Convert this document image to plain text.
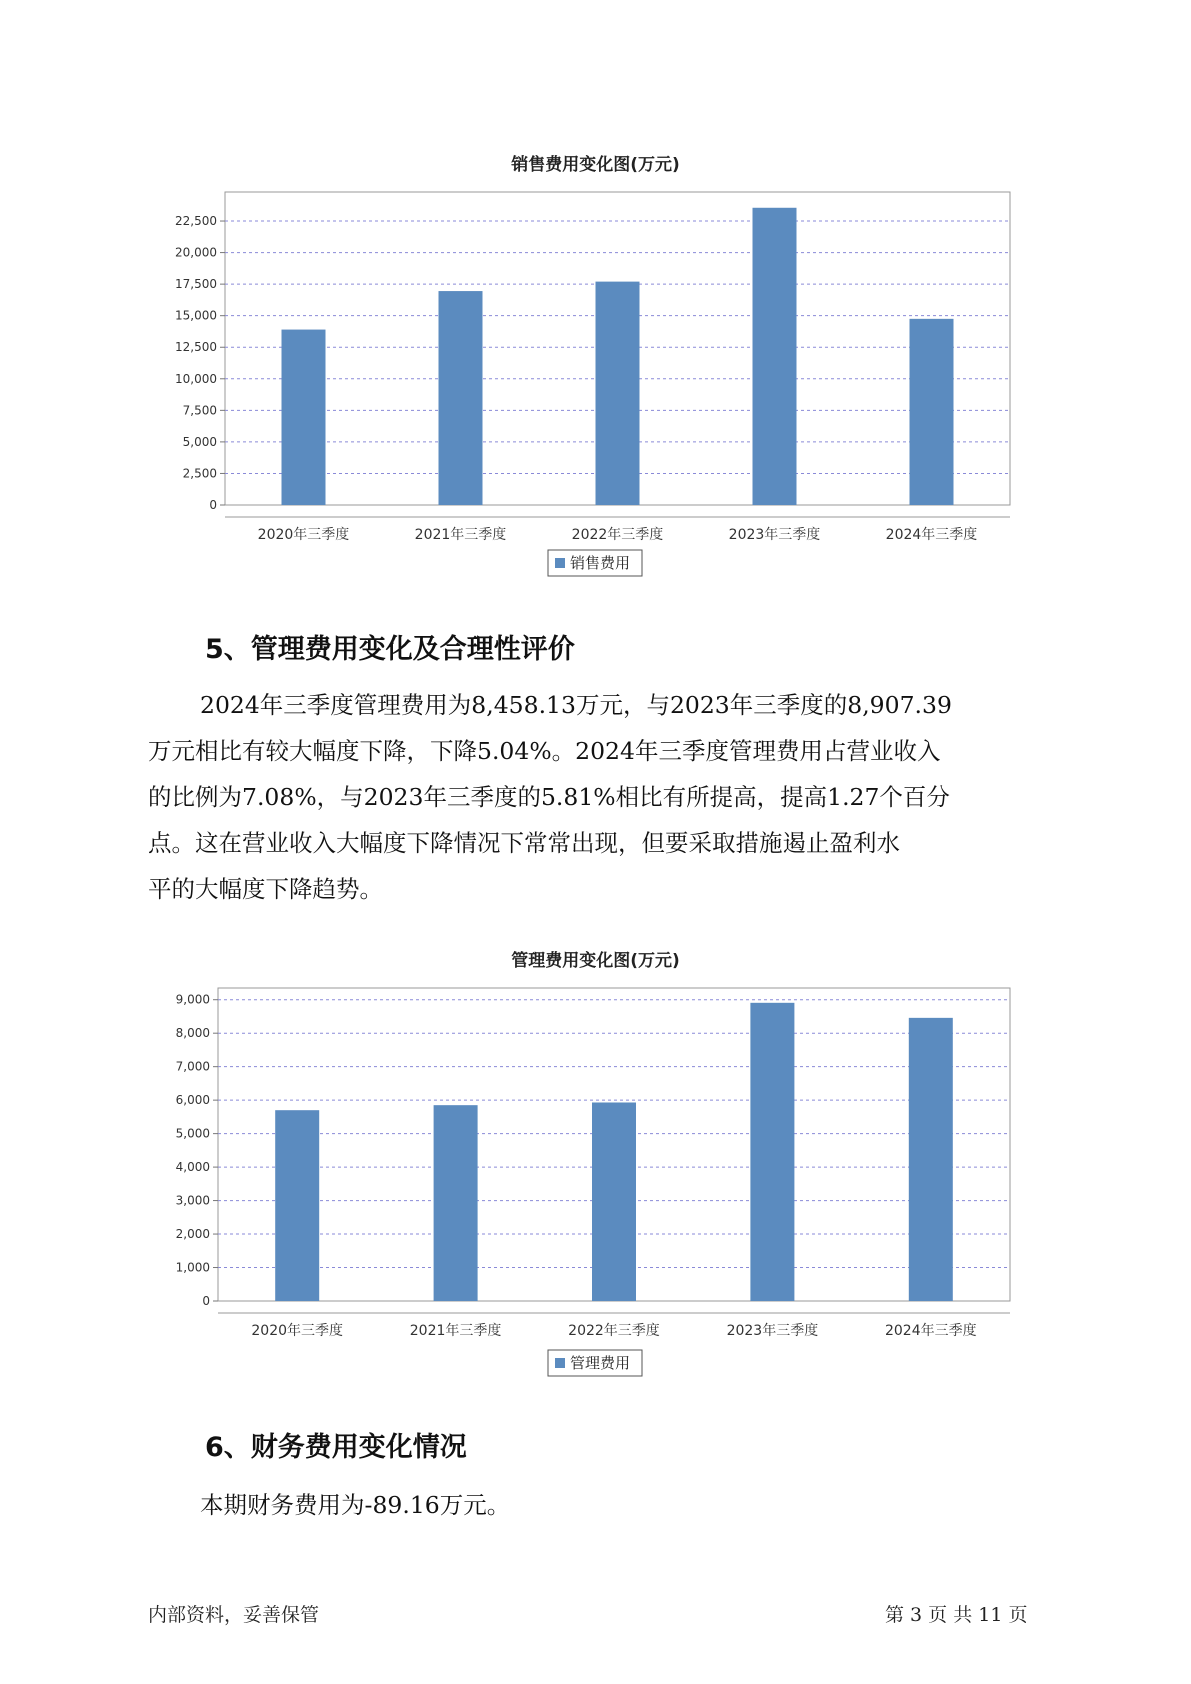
销售费用变化图(万元)
0
2,500
5,000
7,500
10,000
12,500
15,000
17,500
20,000
22,500
2020年三季度	2021年三季度	2022年三季度	2023年三季度	2024年三季度
销售费用
5、管理费用变化及合理性评价
2024年三季度管理费用为8,458.13万元，与2023年三季度的8,907.39
万元相比有较大幅度下降，下降5.04%。2024年三季度管理费用占营业收入
的比例为7.08%，与2023年三季度的5.81%相比有所提高，提高1.27个百分
点。这在营业收入大幅度下降情况下常常出现，但要采取措施遏止盈利水
平的大幅度下降趋势。
管理费用变化图(万元)
0
1,000
2,000
3,000
4,000
5,000
6,000
7,000
8,000
9,000
2020年三季度	2021年三季度	2022年三季度	2023年三季度	2024年三季度
管理费用
6、财务费用变化情况
本期财务费用为-89.16万元。
内部资料，妥善保管	第 3 页 共 11 页
